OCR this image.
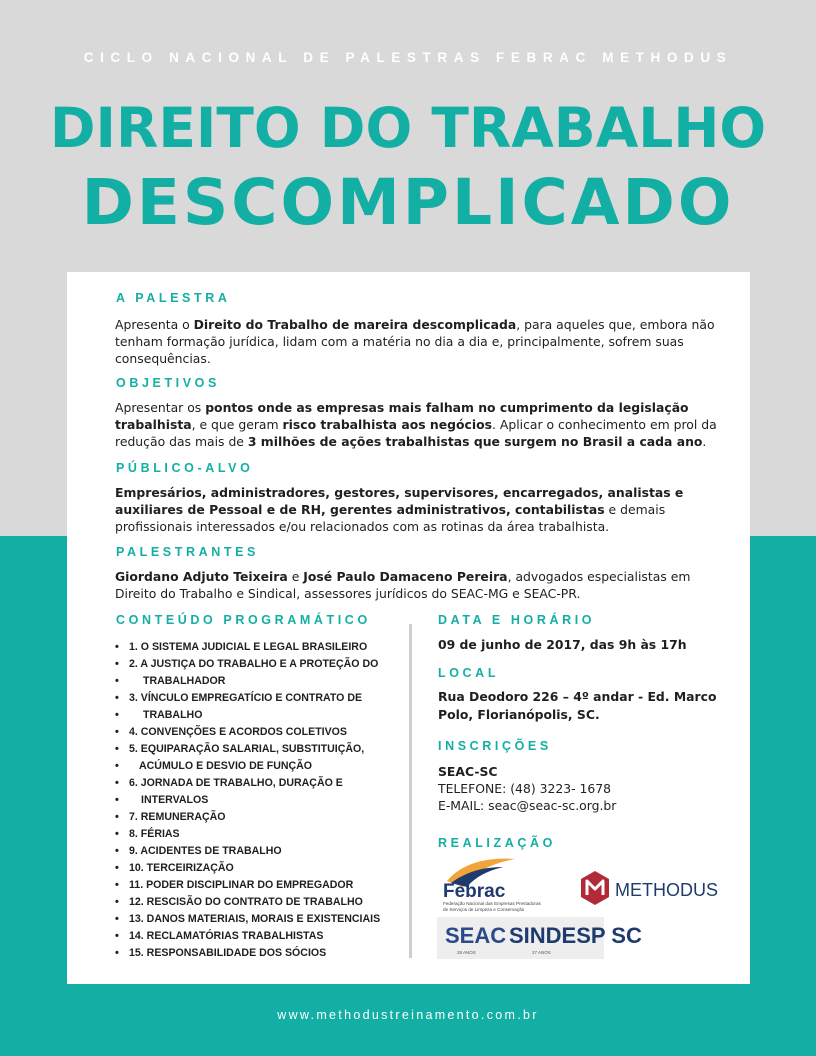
CICLO NACIONAL DE PALESTRAS FEBRAC METHODUS
DIREITO DO TRABALHO
DESCOMPLICADO
A PALESTRA
Apresenta o Direito do Trabalho de mareira descomplicada, para aqueles que, embora não tenham formação jurídica, lidam com a matéria no dia a dia e, principalmente, sofrem suas consequências.
OBJETIVOS
Apresentar os pontos onde as empresas mais falham no cumprimento da legislação trabalhista, e que geram risco trabalhista aos negócios. Aplicar o conhecimento em prol da redução das mais de 3 milhões de ações trabalhistas que surgem no Brasil a cada ano.
PÚBLICO-ALVO
Empresários, administradores, gestores, supervisores, encarregados, analistas e auxiliares de Pessoal e de RH, gerentes administrativos, contabilistas e demais profissionais interessados e/ou relacionados com as rotinas da área trabalhista.
PALESTRANTES
Giordano Adjuto Teixeira e José Paulo Damaceno Pereira, advogados especialistas em Direito do Trabalho e Sindical, assessores jurídicos do SEAC-MG e SEAC-PR.
CONTEÚDO PROGRAMÁTICO
• 1. O SISTEMA JUDICIAL E LEGAL BRASILEIRO
• 2. A JUSTIÇA DO TRABALHO E A PROTEÇÃO DO
• TRABALHADOR
• 3. VÍNCULO EMPREGATÍCIO E CONTRATO DE
• TRABALHO
• 4. CONVENÇÕES E ACORDOS COLETIVOS
• 5. EQUIPARAÇÃO SALARIAL, SUBSTITUIÇÃO,
• ACÚMULO E DESVIO DE FUNÇÃO
• 6. JORNADA DE TRABALHO, DURAÇÃO E
• INTERVALOS
• 7. REMUNERAÇÃO
• 8. FÉRIAS
• 9. ACIDENTES DE TRABALHO
• 10. TERCEIRIZAÇÃO
• 11. PODER DISCIPLINAR DO EMPREGADOR
• 12. RESCISÃO DO CONTRATO DE TRABALHO
• 13. DANOS MATERIAIS, MORAIS E EXISTENCIAIS
• 14. RECLAMATÓRIAS TRABALHISTAS
• 15. RESPONSABILIDADE DOS SÓCIOS
DATA E HORÁRIO
09 de junho de 2017, das 9h às 17h
LOCAL
Rua Deodoro 226 – 4º andar - Ed. Marco Polo, Florianópolis, SC.
INSCRIÇÕES
SEAC-SC
TELEFONE: (48) 3223- 1678
E-MAIL: seac@seac-sc.org.br
REALIZAÇÃO
Febrac
Federação Nacional das Empresas Prestadoras
de Serviços de Limpeza e Conservação
METHODUS
SEAC SINDESP SC
28 ANOS	27 ANOS
www.methodustreinamento.com.br
